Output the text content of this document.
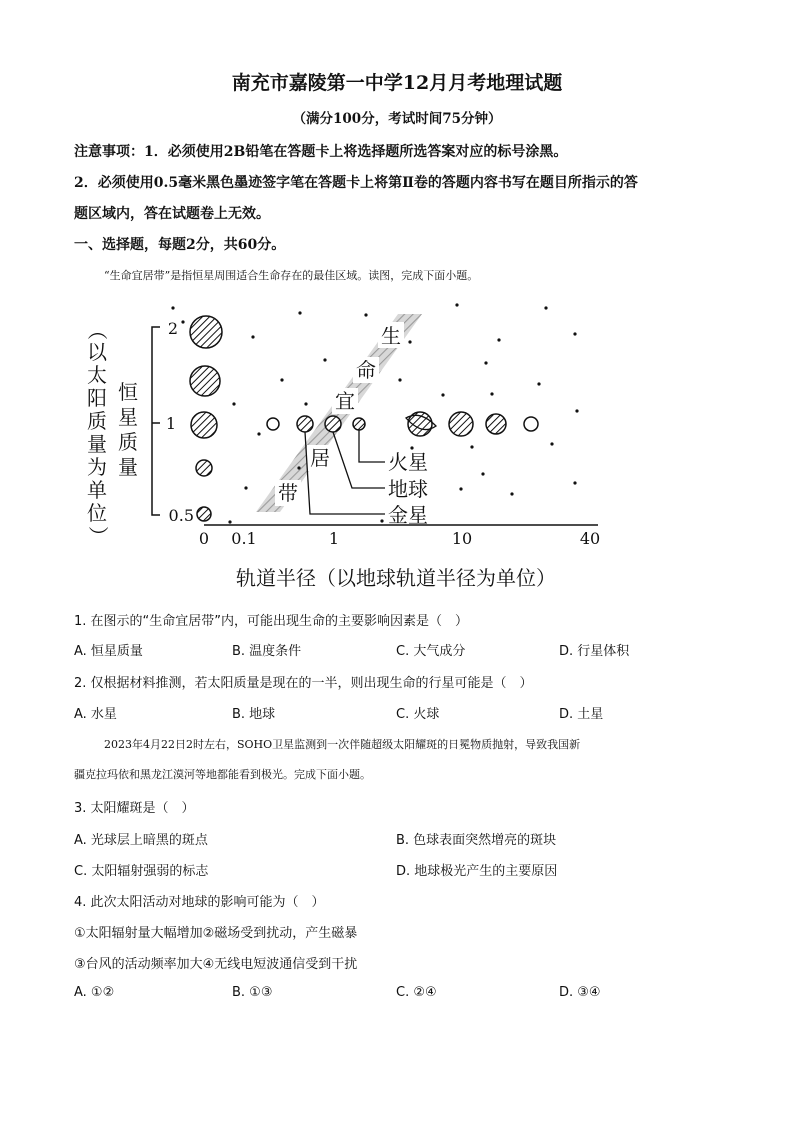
南充市嘉陵第一中学12月月考地理试题
（满分100分，考试时间75分钟）
注意事项：1．必须使用2B铅笔在答题卡上将选择题所选答案对应的标号涂黑。
2．必须使用0.5毫米黑色墨迹签字笔在答题卡上将第Ⅱ卷的答题内容书写在题目所指示的答
题区域内，答在试题卷上无效。
一、选择题，每题2分，共60分。
“生命宜居带”是指恒星周围适合生命存在的最佳区域。读图，完成下面小题。
（
以
太
阳
质
量
为
单
位
）
恒
星
质
量
2
1
0.5
0 0.1	1	10	40
轨道半径（以地球轨道半径为单位）
生
命
宜
居
带
火星
地球
金星
1. 在图示的“生命宜居带”内，可能出现生命的主要影响因素是（　）
A. 恒星质量	B. 温度条件	C. 大气成分	D. 行星体积
2. 仅根据材料推测，若太阳质量是现在的一半，则出现生命的行星可能是（　）
A. 水星	B. 地球	C. 火球	D. 土星
2023年4月22日2时左右，SOHO卫星监测到一次伴随超级太阳耀斑的日冕物质抛射，导致我国新
疆克拉玛依和黑龙江漠河等地都能看到极光。完成下面小题。
3. 太阳耀斑是（　）
A. 光球层上暗黑的斑点	B. 色球表面突然增亮的斑块
C. 太阳辐射强弱的标志	D. 地球极光产生的主要原因
4. 此次太阳活动对地球的影响可能为（　）
①太阳辐射量大幅增加②磁场受到扰动，产生磁暴
③台风的活动频率加大④无线电短波通信受到干扰
A. ①②	B. ①③	C. ②④	D. ③④
